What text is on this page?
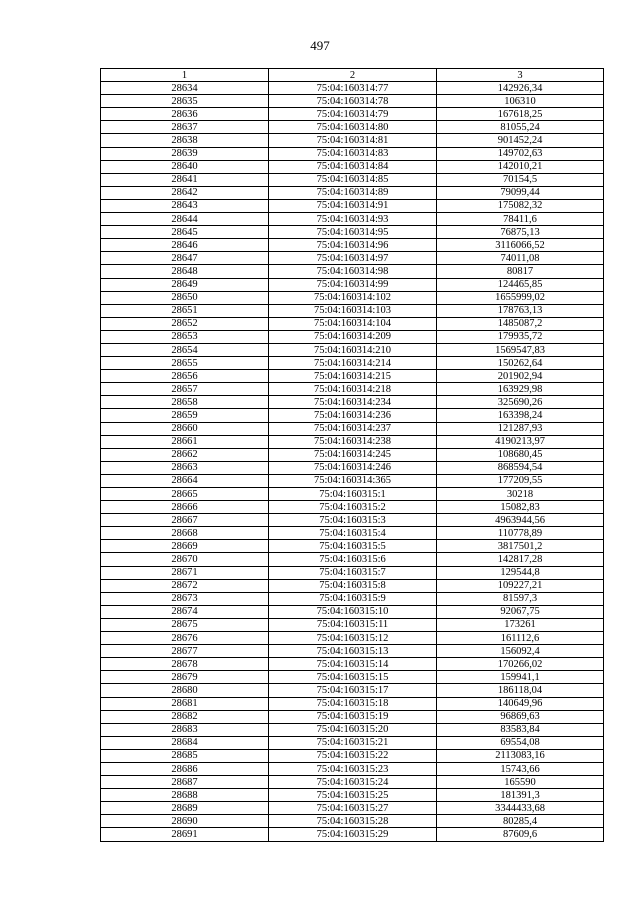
497
1	2	3
28634	75:04:160314:77	142926,34
28635	75:04:160314:78	106310
28636	75:04:160314:79	167618,25
28637	75:04:160314:80	81055,24
28638	75:04:160314:81	901452,24
28639	75:04:160314:83	149702,63
28640	75:04:160314:84	142010,21
28641	75:04:160314:85	70154,5
28642	75:04:160314:89	79099,44
28643	75:04:160314:91	175082,32
28644	75:04:160314:93	78411,6
28645	75:04:160314:95	76875,13
28646	75:04:160314:96	3116066,52
28647	75:04:160314:97	74011,08
28648	75:04:160314:98	80817
28649	75:04:160314:99	124465,85
28650	75:04:160314:102	1655999,02
28651	75:04:160314:103	178763,13
28652	75:04:160314:104	1485087,2
28653	75:04:160314:209	179935,72
28654	75:04:160314:210	1569547,83
28655	75:04:160314:214	150262,64
28656	75:04:160314:215	201902,94
28657	75:04:160314:218	163929,98
28658	75:04:160314:234	325690,26
28659	75:04:160314:236	163398,24
28660	75:04:160314:237	121287,93
28661	75:04:160314:238	4190213,97
28662	75:04:160314:245	108680,45
28663	75:04:160314:246	868594,54
28664	75:04:160314:365	177209,55
28665	75:04:160315:1	30218
28666	75:04:160315:2	15082,83
28667	75:04:160315:3	4963944,56
28668	75:04:160315:4	110778,89
28669	75:04:160315:5	3817501,2
28670	75:04:160315:6	142817,28
28671	75:04:160315:7	129544,8
28672	75:04:160315:8	109227,21
28673	75:04:160315:9	81597,3
28674	75:04:160315:10	92067,75
28675	75:04:160315:11	173261
28676	75:04:160315:12	161112,6
28677	75:04:160315:13	156092,4
28678	75:04:160315:14	170266,02
28679	75:04:160315:15	159941,1
28680	75:04:160315:17	186118,04
28681	75:04:160315:18	140649,96
28682	75:04:160315:19	96869,63
28683	75:04:160315:20	83583,84
28684	75:04:160315:21	69554,08
28685	75:04:160315:22	2113083,16
28686	75:04:160315:23	15743,66
28687	75:04:160315:24	165590
28688	75:04:160315:25	181391,3
28689	75:04:160315:27	3344433,68
28690	75:04:160315:28	80285,4
28691	75:04:160315:29	87609,6
